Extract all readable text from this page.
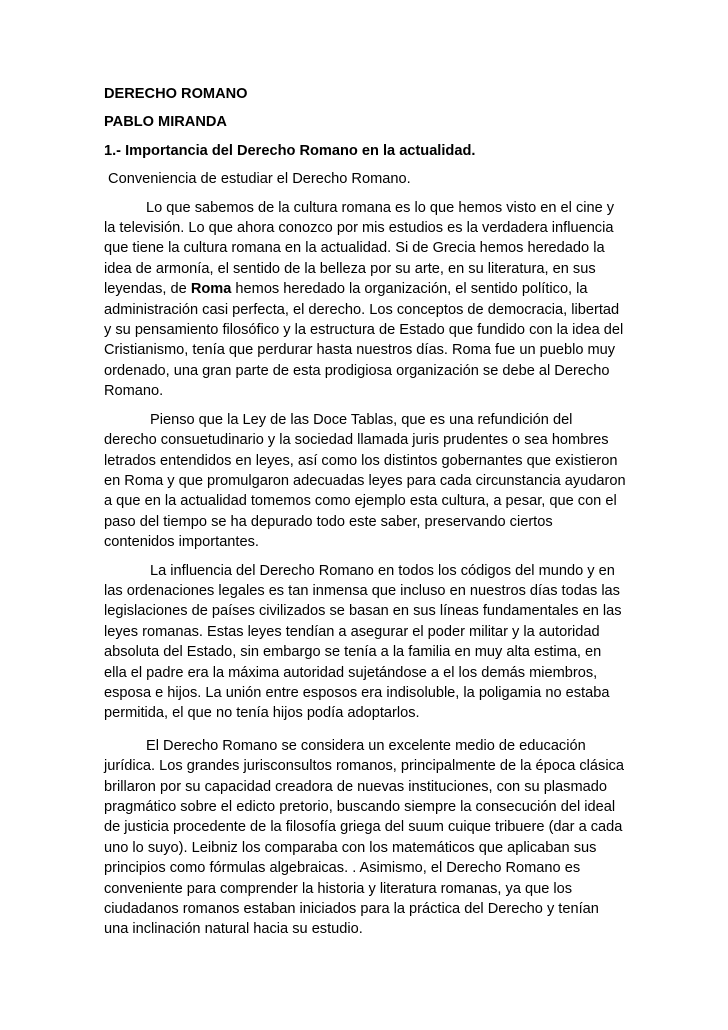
DERECHO ROMANO

PABLO MIRANDA

1.- Importancia del Derecho Romano en la actualidad.

Conveniencia de estudiar el Derecho Romano.

Lo que sabemos de la cultura romana es lo que hemos visto en el cine y la televisión. Lo que ahora conozco por mis estudios es la verdadera influencia que tiene la cultura romana en la actualidad. Si de Grecia hemos heredado la idea de armonía, el sentido de la belleza por su arte, en su literatura, en sus leyendas, de Roma hemos heredado la organización, el sentido político, la administración casi perfecta, el derecho. Los conceptos de democracia, libertad y su pensamiento filosófico y la estructura de Estado que fundido con la idea del Cristianismo, tenía que perdurar hasta nuestros días. Roma fue un pueblo muy ordenado, una gran parte de esta prodigiosa organización se debe al Derecho Romano.

Pienso que la Ley de las Doce Tablas, que es una refundición del derecho consuetudinario y la sociedad llamada juris prudentes o sea hombres letrados entendidos en leyes, así como los distintos gobernantes que existieron en Roma y que promulgaron adecuadas leyes para cada circunstancia ayudaron a que en la actualidad tomemos como ejemplo esta cultura, a pesar, que con el paso del tiempo se ha depurado todo este saber, preservando ciertos contenidos importantes.

La influencia del Derecho Romano en todos los códigos del mundo y en las ordenaciones legales es tan inmensa que incluso en nuestros días todas las legislaciones de países civilizados se basan en sus líneas fundamentales en las leyes romanas. Estas leyes tendían a asegurar el poder militar y la autoridad absoluta del Estado, sin embargo se tenía a la familia en muy alta estima, en ella el padre era la máxima autoridad sujetándose a el los demás miembros, esposa e hijos. La unión entre esposos era indisoluble, la poligamia no estaba permitida, el que no tenía hijos podía adoptarlos.

El Derecho Romano se considera un excelente medio de educación jurídica. Los grandes jurisconsultos romanos, principalmente de la época clásica brillaron por su capacidad creadora de nuevas instituciones, con su plasmado pragmático sobre el edicto pretorio, buscando siempre la consecución del ideal de justicia procedente de la filosofía griega del suum cuique tribuere (dar a cada uno lo suyo). Leibniz los comparaba con los matemáticos que aplicaban sus principios como fórmulas algebraicas. . Asimismo, el Derecho Romano es conveniente para comprender la historia y literatura romanas, ya que los ciudadanos romanos estaban iniciados para la práctica del Derecho y tenían una inclinación natural hacia su estudio.
